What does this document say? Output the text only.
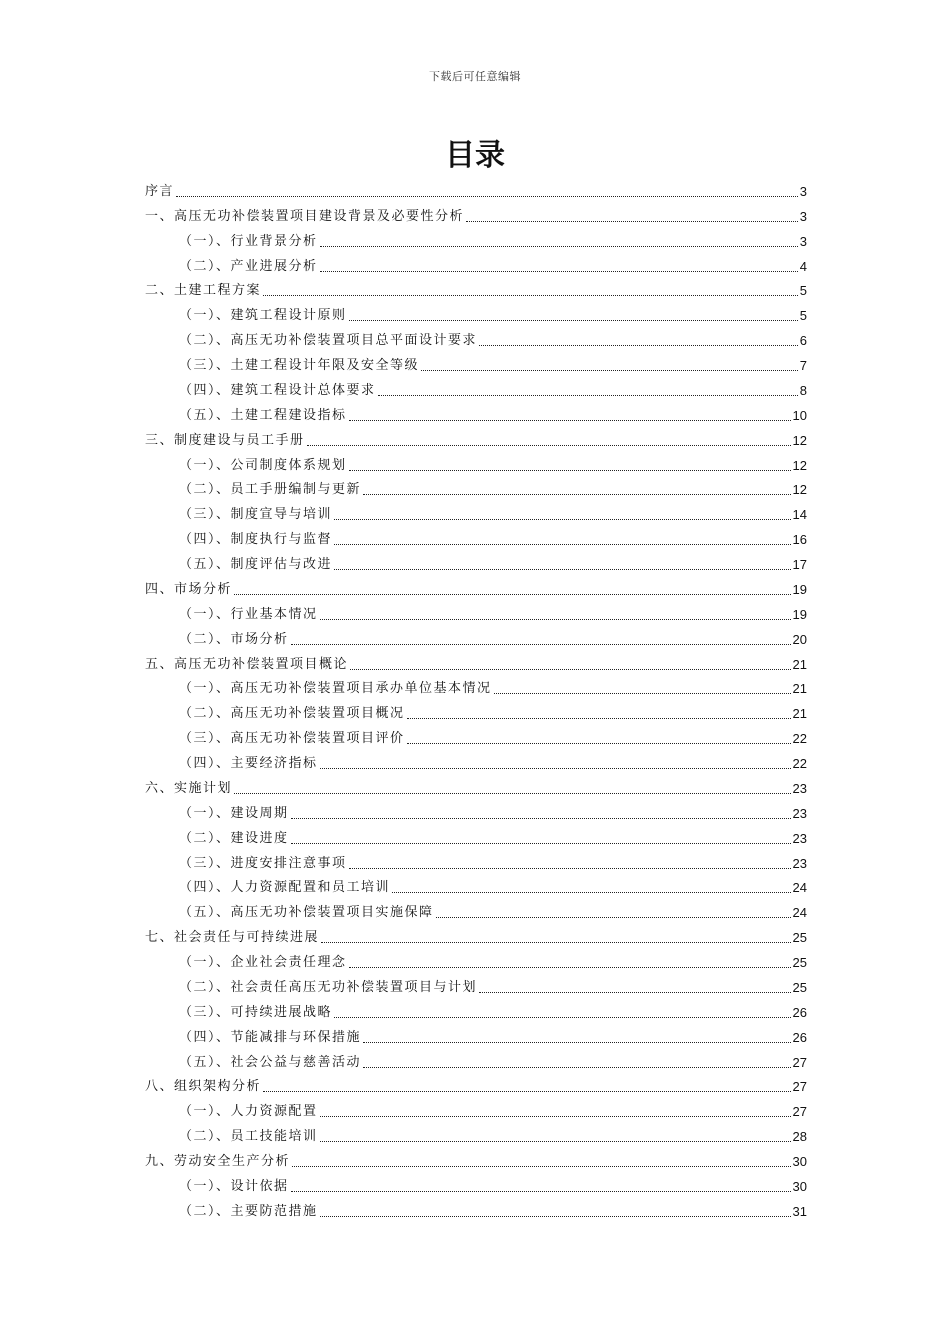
下载后可任意编辑
目录
序言	3
一、高压无功补偿装置项目建设背景及必要性分析	3
（一）、行业背景分析	3
（二）、产业进展分析	4
二、土建工程方案	5
（一）、建筑工程设计原则	5
（二）、高压无功补偿装置项目总平面设计要求	6
（三）、土建工程设计年限及安全等级	7
（四）、建筑工程设计总体要求	8
（五）、土建工程建设指标	10
三、制度建设与员工手册	12
（一）、公司制度体系规划	12
（二）、员工手册编制与更新	12
（三）、制度宣导与培训	14
（四）、制度执行与监督	16
（五）、制度评估与改进	17
四、市场分析	19
（一）、行业基本情况	19
（二）、市场分析	20
五、高压无功补偿装置项目概论	21
（一）、高压无功补偿装置项目承办单位基本情况	21
（二）、高压无功补偿装置项目概况	21
（三）、高压无功补偿装置项目评价	22
（四）、主要经济指标	22
六、实施计划	23
（一）、建设周期	23
（二）、建设进度	23
（三）、进度安排注意事项	23
（四）、人力资源配置和员工培训	24
（五）、高压无功补偿装置项目实施保障	24
七、社会责任与可持续进展	25
（一）、企业社会责任理念	25
（二）、社会责任高压无功补偿装置项目与计划	25
（三）、可持续进展战略	26
（四）、节能减排与环保措施	26
（五）、社会公益与慈善活动	27
八、组织架构分析	27
（一）、人力资源配置	27
（二）、员工技能培训	28
九、劳动安全生产分析	30
（一）、设计依据	30
（二）、主要防范措施	31
